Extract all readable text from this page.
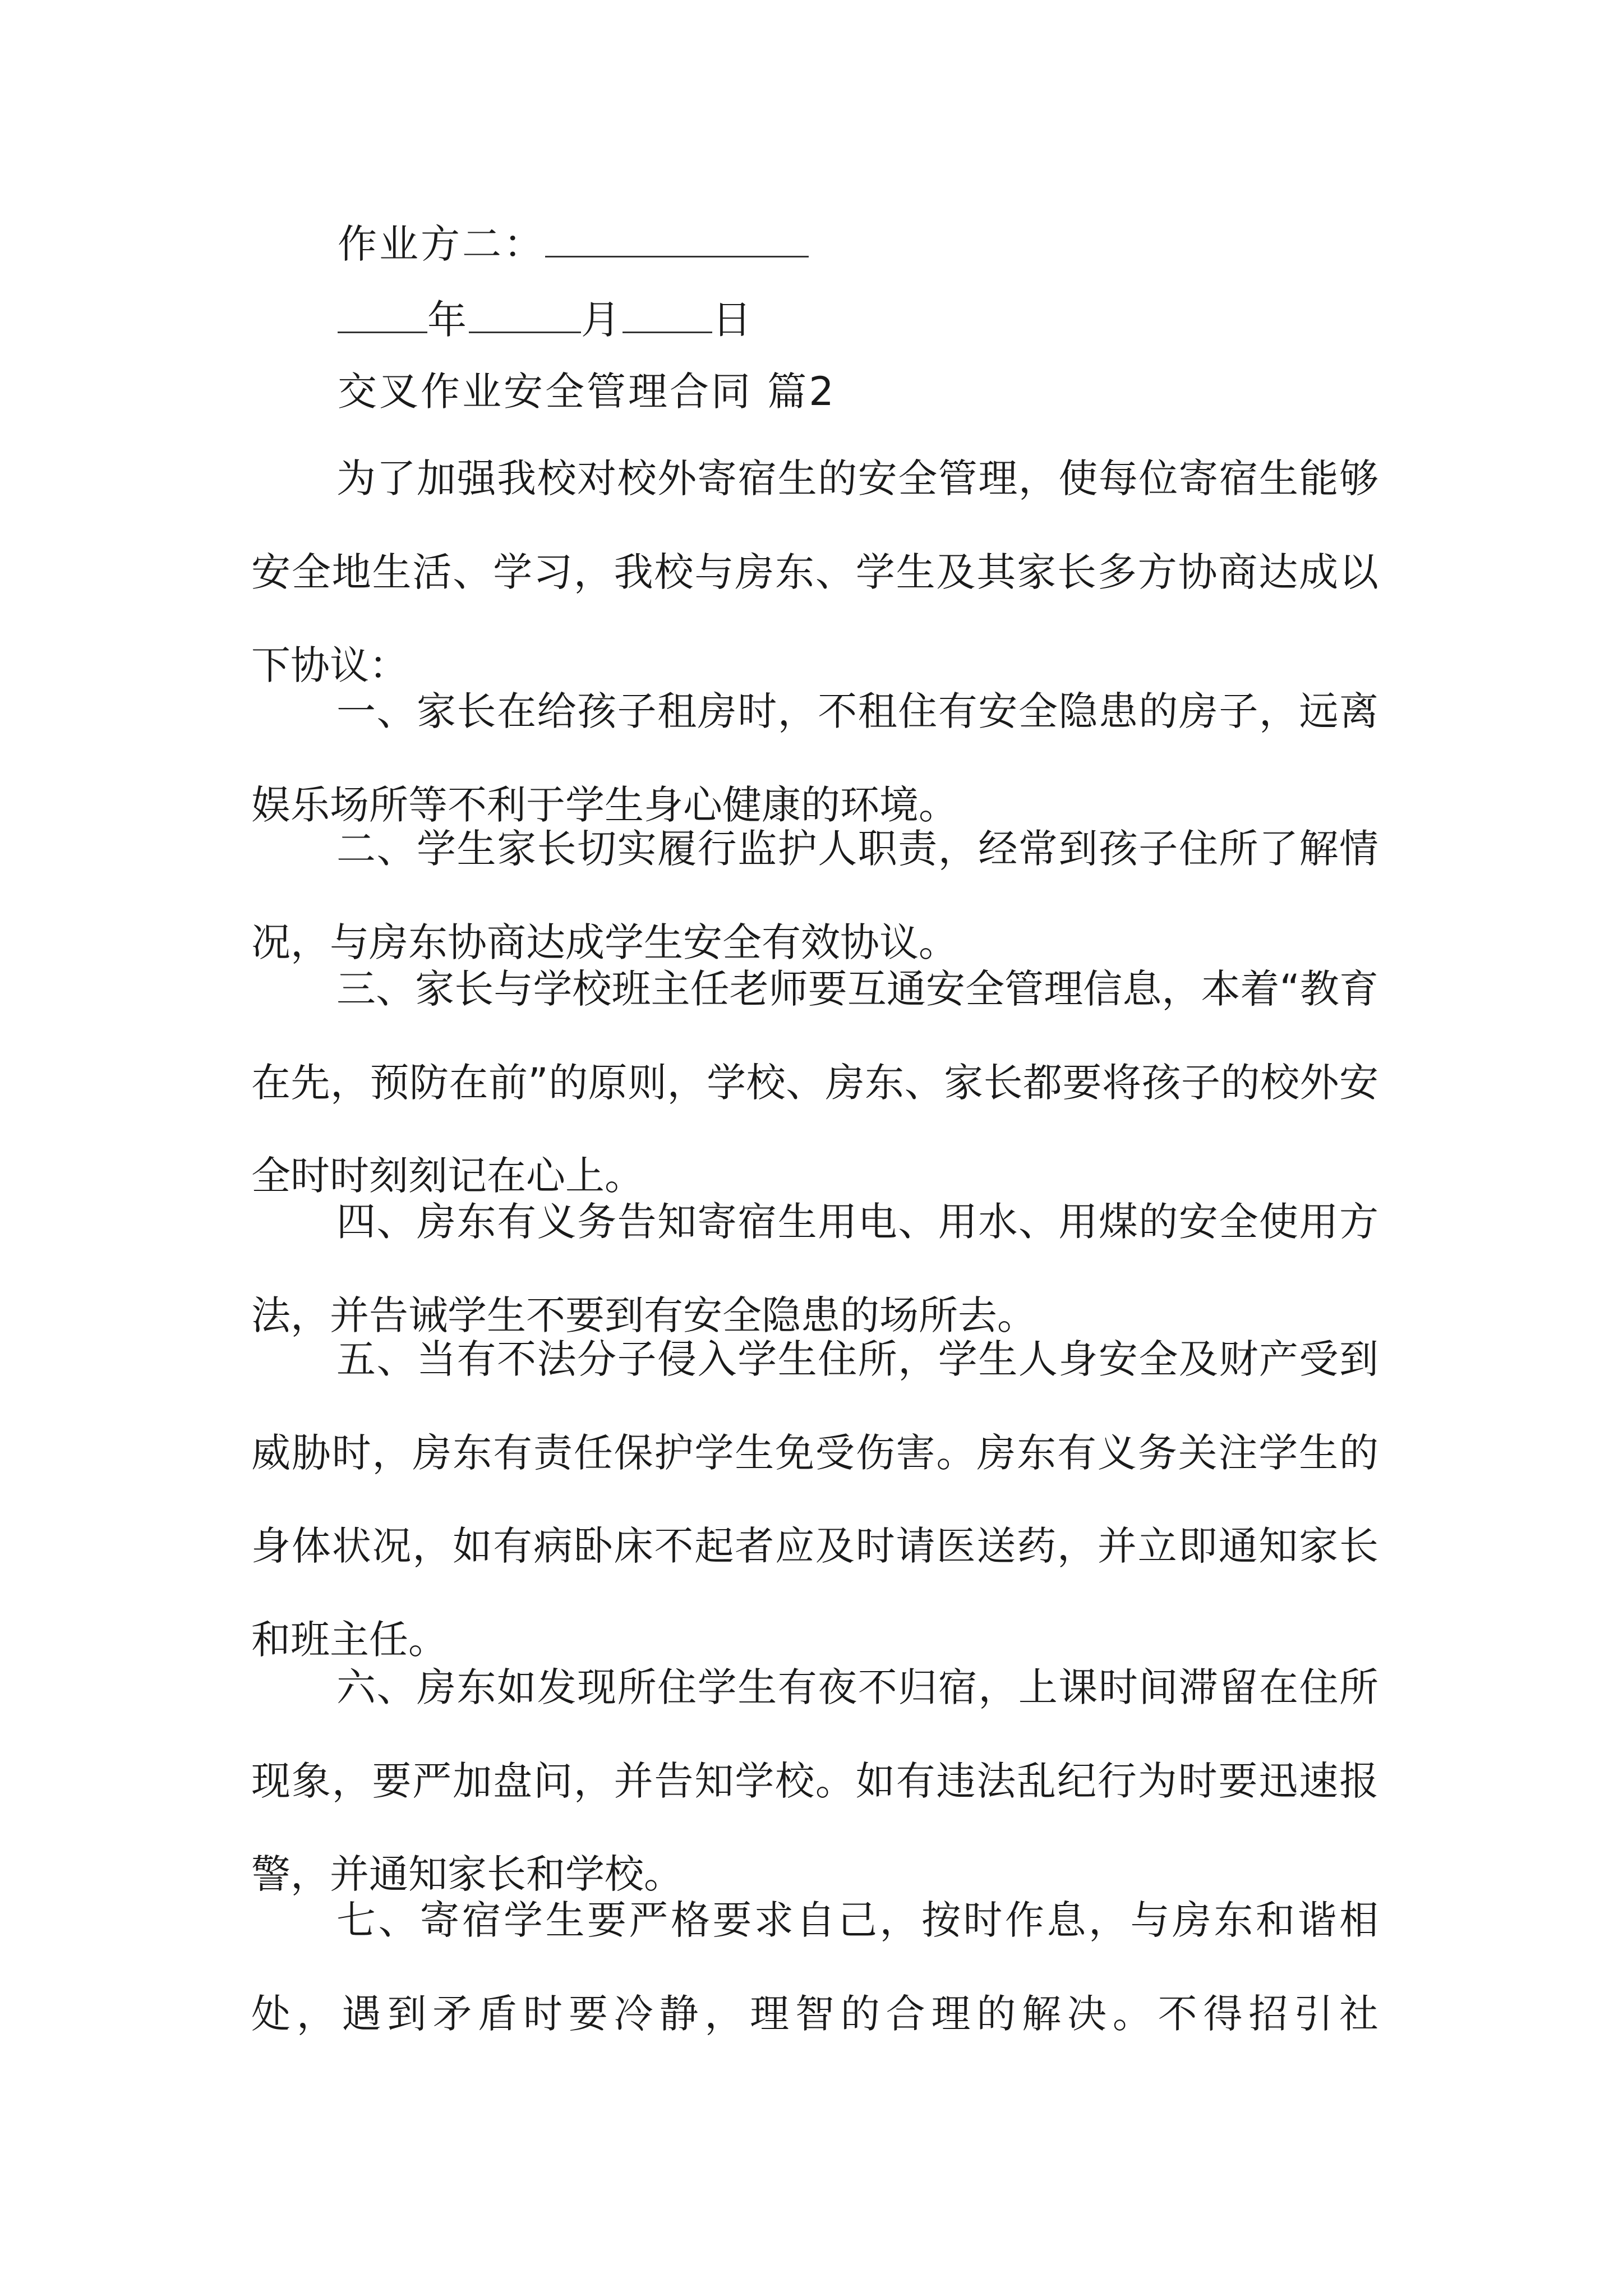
作业方二：
年	月 日
交叉作业安全管理合同 篇2
为了加强我校对校外寄宿生的安全管理，使每位寄宿生能够安全地生活、学习，我校与房东、学生及其家长多方协商达成以下协议：
一、家长在给孩子租房时，不租住有安全隐患的房子，远离娱乐场所等不利于学生身心健康的环境。
二、学生家长切实履行监护人职责，经常到孩子住所了解情况，与房东协商达成学生安全有效协议。
三、家长与学校班主任老师要互通安全管理信息，本着“教育在先，预防在前”的原则，学校、房东、家长都要将孩子的校外安全时时刻刻记在心上。
四、房东有义务告知寄宿生用电、用水、用煤的安全使用方法，并告诫学生不要到有安全隐患的场所去。
五、当有不法分子侵入学生住所，学生人身安全及财产受到威胁时，房东有责任保护学生免受伤害。房东有义务关注学生的身体状况，如有病卧床不起者应及时请医送药，并立即通知家长和班主任。
六、房东如发现所住学生有夜不归宿，上课时间滞留在住所现象，要严加盘问，并告知学校。如有违法乱纪行为时要迅速报警，并通知家长和学校。
七、寄宿学生要严格要求自己，按时作息，与房东和谐相处，遇到矛盾时要冷静，理智的合理的解决。不得招引社
